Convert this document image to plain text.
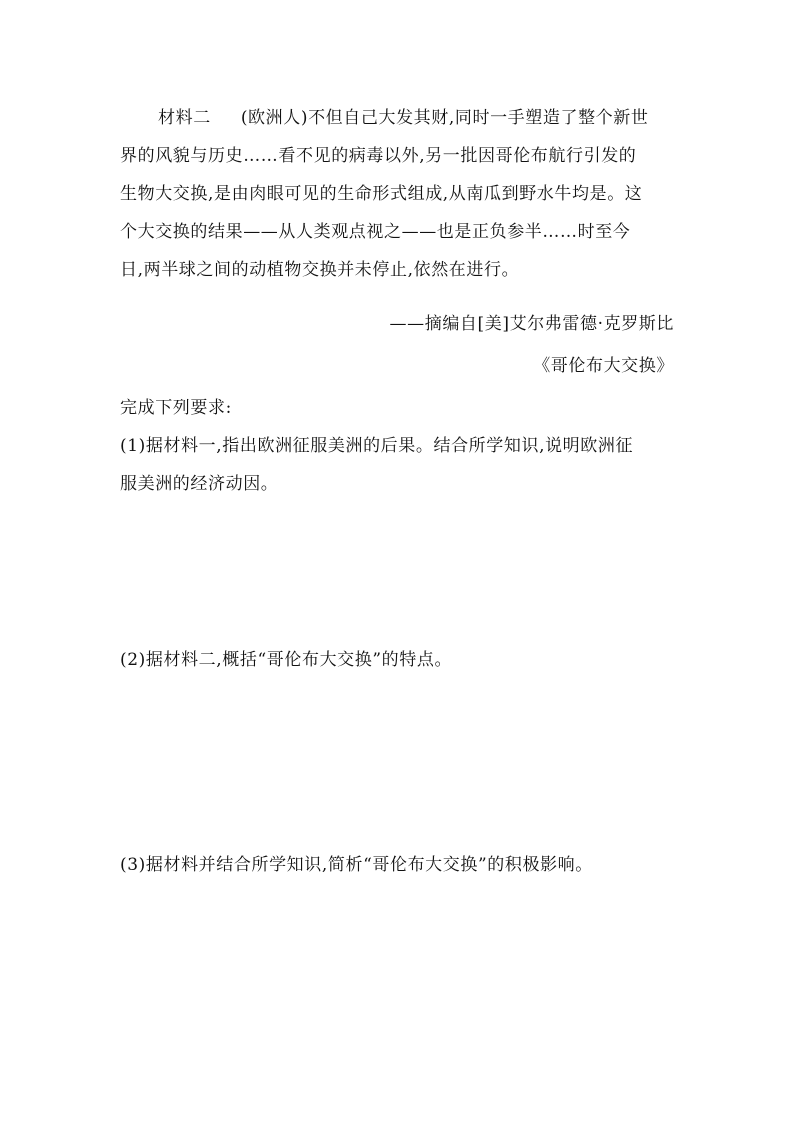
材料二 (欧洲人)不但自己大发其财,同时一手塑造了整个新世
界的风貌与历史……看不见的病毒以外,另一批因哥伦布航行引发的
生物大交换,是由肉眼可见的生命形式组成,从南瓜到野水牛均是。这
个大交换的结果——从人类观点视之——也是正负参半……时至今
日,两半球之间的动植物交换并未停止,依然在进行。
——摘编自[美]艾尔弗雷德·克罗斯比
《哥伦布大交换》
完成下列要求:
(1)据材料一,指出欧洲征服美洲的后果。结合所学知识,说明欧洲征
服美洲的经济动因。
(2)据材料二,概括“哥伦布大交换”的特点。
(3)据材料并结合所学知识,简析“哥伦布大交换”的积极影响。
